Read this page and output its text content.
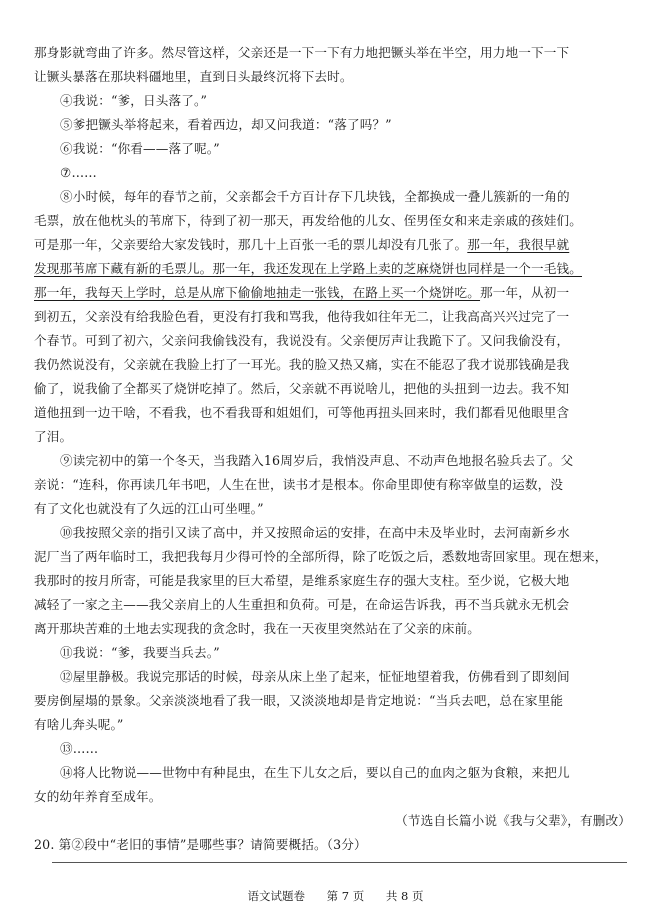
那身影就弯曲了许多。然尽管这样，父亲还是一下一下有力地把镢头举在半空，用力地一下一下
让镢头暴落在那块料礓地里，直到日头最终沉将下去时。
④我说：“爹，日头落了。”
⑤爹把镢头举将起来，看着西边，却又问我道：“落了吗？”
⑥我说：“你看——落了呢。”
⑦……
⑧小时候，每年的春节之前，父亲都会千方百计存下几块钱，全都换成一叠儿簇新的一角的
毛票，放在他枕头的苇席下，待到了初一那天，再发给他的儿女、侄男侄女和来走亲戚的孩娃们。
可是那一年，父亲要给大家发钱时，那几十上百张一毛的票儿却没有几张了。那一年，我很早就
发现那苇席下藏有新的毛票儿。那一年，我还发现在上学路上卖的芝麻烧饼也同样是一个一毛钱。
那一年，我每天上学时，总是从席下偷偷地抽走一张钱，在路上买一个烧饼吃。那一年，从初一
到初五，父亲没有给我脸色看，更没有打我和骂我，他待我如往年无二，让我高高兴兴过完了一
个春节。可到了初六，父亲问我偷钱没有，我说没有。父亲便厉声让我跪下了。又问我偷没有，
我仍然说没有，父亲就在我脸上打了一耳光。我的脸又热又痛，实在不能忍了我才说那钱确是我
偷了，说我偷了全都买了烧饼吃掉了。然后，父亲就不再说啥儿，把他的头扭到一边去。我不知
道他扭到一边干啥，不看我，也不看我哥和姐姐们，可等他再扭头回来时，我们都看见他眼里含
了泪。
⑨读完初中的第一个冬天，当我踏入16周岁后，我悄没声息、不动声色地报名验兵去了。父
亲说：“连科，你再读几年书吧，人生在世，读书才是根本。你命里即使有称宰做皇的运数，没
有了文化也就没有了久远的江山可坐哩。”
⑩我按照父亲的指引又读了高中，并又按照命运的安排，在高中未及毕业时，去河南新乡水
泥厂当了两年临时工，我把我每月少得可怜的全部所得，除了吃饭之后，悉数地寄回家里。现在想来，
我那时的按月所寄，可能是我家里的巨大希望，是维系家庭生存的强大支柱。至少说，它极大地
减轻了一家之主——我父亲肩上的人生重担和负荷。可是，在命运告诉我，再不当兵就永无机会
离开那块苦难的土地去实现我的贪念时，我在一天夜里突然站在了父亲的床前。
⑪我说：“爹，我要当兵去。”
⑫屋里静极。我说完那话的时候，母亲从床上坐了起来，怔怔地望着我，仿佛看到了即刻间
要房倒屋塌的景象。父亲淡淡地看了我一眼，又淡淡地却是肯定地说：“当兵去吧，总在家里能
有啥儿奔头呢。”
⑬……
⑭将人比物说——世物中有种昆虫，在生下儿女之后，要以自己的血肉之躯为食粮，来把儿
女的幼年养育至成年。
（节选自长篇小说《我与父辈》，有删改）
20. 第②段中“老旧的事情”是哪些事？请简要概括。（3分）
语文试题卷 第 7 页 共 8 页
